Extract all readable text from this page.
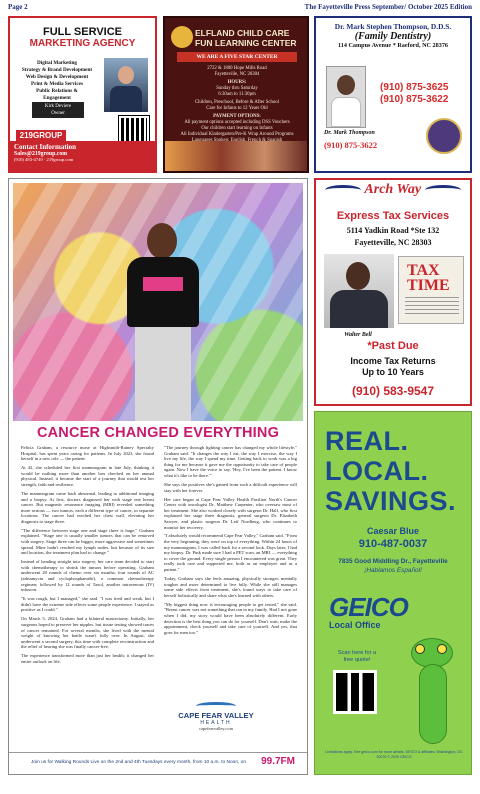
Page 2	The Fayetteville Press September/ October 2025 Edition
FULL SERVICE
MARKETING AGENCY
Digital Marketing
Strategy & Brand Development
Web Design & Development
Print & Media Services
Public Relations &
Engagement
Kirk Deviere
Owner
219GROUP
Contact Information
Sales@219group.com
(910) 483-4749 · 219group.com
ELFLAND CHILD CARE FUN LEARNING CENTER
WE ARE A FIVE STAR CENTER
2722 & 1800 Hope Mills Road
Fayetteville, NC 28304
HOURS:
Sunday thru Saturday
6:30am to 11:30pm
Children, Preschool, Before & After School
Care for Infants to 12 Years Old
PAYMENT OPTIONS:
All payment options accepted including DSS Vouchers
Our children start learning on Infants
All Individual Kindergarten/Pre-K Wrap Around Programs
Dr. Mark Stephen Thompson, D.D.S.
(Family Dentistry)
114 Campus Avenue * Raeford, NC 28376
(910) 875-3625
(910) 875-3622
Dr. Mark Thompson
(910) 875-3622
CANCER CHANGED EVERYTHING

Felicia Graham, a resource nurse at Highsmith-Rainey Specialty Hospital, has spent years caring for patients. In July 2023, she found herself in a new role — the patient.

At 42, she scheduled her first mammogram in late July, thinking it would be nothing more than another box checked on her annual physical. Instead, it became the start of a journey that would test her strength, faith and resilience.

The mammogram came back abnormal, leading to additional imaging and a biopsy. At first, doctors diagnosed her with stage one breast cancer. But magnetic resonance imaging (MRI) revealed something more serious — two tumors, each a different type of cancer, in separate locations. The cancer had reached her chest wall, elevating her diagnosis to stage three.

"The difference between stage one and stage three is huge," Graham explained. "Stage one is usually smaller tumors that can be removed with surgery. Stage three can be bigger, more aggressive and sometimes spread. Mine hadn't reached my lymph nodes, but because of its size and location, the treatment plan had to change."

Instead of heading straight into surgery, her care team decided to start with chemotherapy to shrink the tumors before operating. Graham underwent 20 rounds of chemo over six months: four rounds of AC (adriamycin and cyclophosphamide), a common chemotherapy regimen; followed by 12 rounds of Taxol, another intravenous (IV) infusion.

"It was rough, but I managed," she said. "I was tired and weak, but I didn't have the extreme side effects some people experience. I stayed as positive as I could."

On March 5, 2024, Graham had a bilateral mastectomy. Initially, her surgeons hoped to preserve her nipples, but tissue testing showed traces of cancer remained. For several months, she lived with the mental weight of knowing her battle wasn't fully over. In August, she underwent a second surgery, this time with complete reconstruction and the relief of hearing she was finally cancer-free.

The experience transformed more than just her health; it changed her entire outlook on life.

"The journey through fighting cancer has changed my whole lifestyle," Graham said. "It changes the way I eat, the way I exercise, the way I live my life, the way I spend my time. Getting back to work was a big thing for me because it gave me the opportunity to take care of people again. Now I have the voice to say, 'Hey, I've been the patient. I know what it's like to be there.'"

She says the positives she's gained from such a difficult experience will stay with her forever.

Her care began at Cape Fear Valley Health Pavilion North's Cancer Center with oncologist Dr. Matthew Carpenter, who oversaw most of her treatment. She also worked closely with surgeon Dr. Hall, who first explained her stage three diagnosis, general surgeon Dr. Elizabeth Sawyer, and plastic surgeon Dr. Leif Nordberg, who continues to monitor her recovery.

"I absolutely would recommend Cape Fear Valley," Graham said. "From the very beginning, they were on top of everything. Within 24 hours of my mammogram, I was called back for a second look. Days later, I had my biopsy. Dr. Pink made sure I had a PET scan, an MRI — everything to cover the ground. Every single person I encountered was great. They really took care and supported me, both as an employee and as a patient."

Today, Graham says she feels amazing, physically stronger, mentally tougher and more determined to live fully. While she still manages some side effects from treatment, she's found ways to take care of herself holistically and share what she's learned with others.

"My biggest thing now is encouraging people to get tested," she said. "Breast cancer was not something that ran in my family. Had I not gone when I did, my story would have been absolutely different. Early detection is the best thing you can do for yourself. Don't wait; make the appointment, check yourself and take care of yourself. And yes, that goes for men too."

CAPE FEAR VALLEY
HEALTH
capefearvalley.com
Join us for Walking Rounds Live on the 2nd and 4th Tuesdays every month, from 10 a.m. to Noon, on 99.7FM
Arch Way
Express Tax Services
5114 Yadkin Road *Ste 132
Fayetteville, NC 28303
TAX
TIME
Walter Bell
*Past Due
Income Tax Returns
Up to 10 Years
(910) 583-9547
REAL.
LOCAL.
SAVINGS.
Caesar Blue
910-487-0037
7835 Good Middling Dr., Fayetteville
¡Hablamos Español!
GEICO
Local Office
Scan here for a free quote!
Limitations apply. See geico.com for more details. GEICO & affiliates. Washington, DC 20076 © 2025 GEICO
